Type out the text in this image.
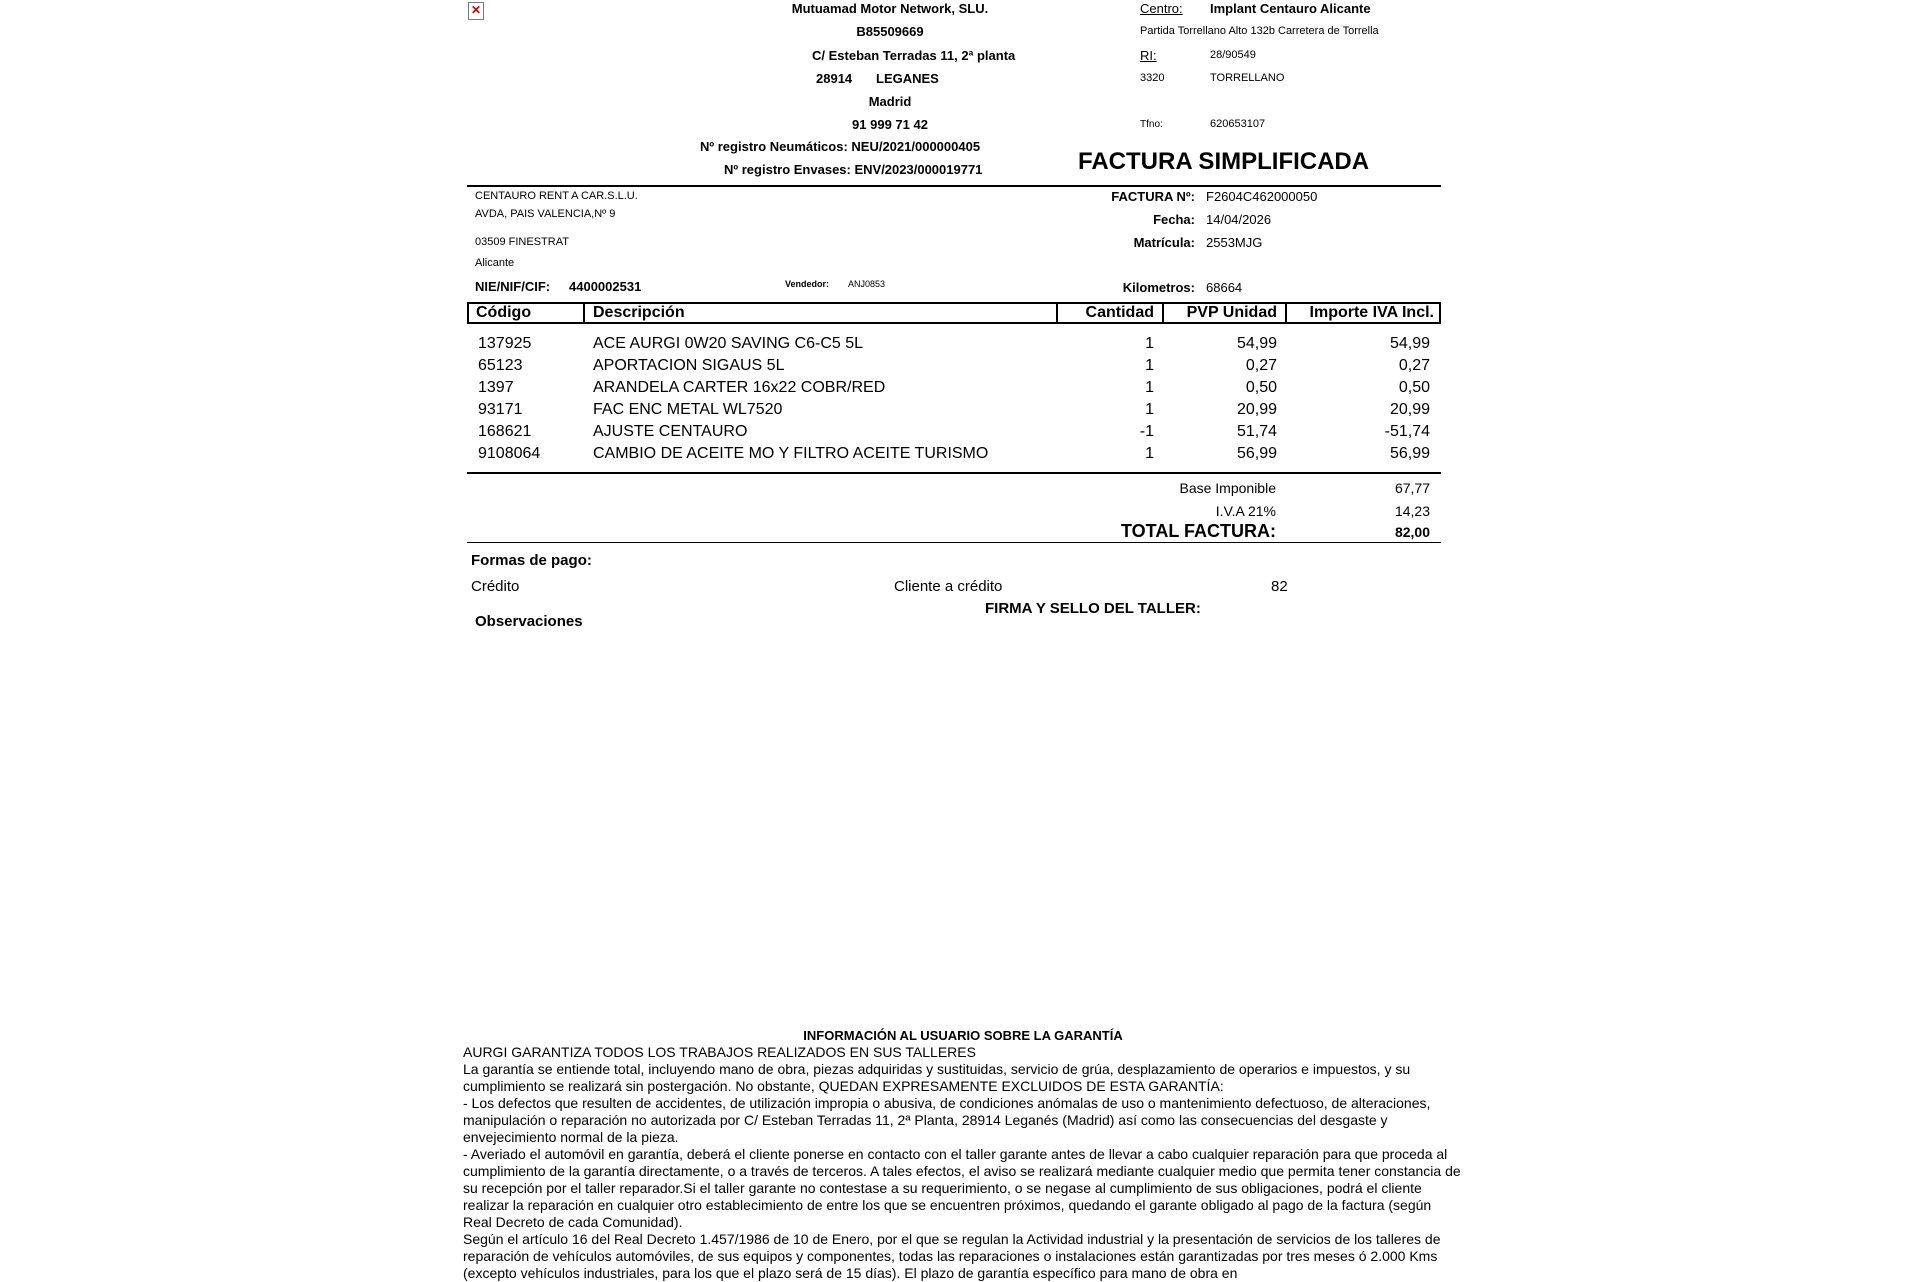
✕
Mutuamad Motor Network, SLU.
B85509669
C/ Esteban Terradas 11, 2ª planta
28914 LEGANES
Madrid
91 999 71 42
Nº registro Neumáticos: NEU/2021/000000405
Nº registro Envases: ENV/2023/000019771
Centro: Implant Centauro Alicante
Partida Torrellano Alto 132b Carretera de Torrella
RI:	28/90549
3320	TORRELLANO
Tfno:	620653107
FACTURA SIMPLIFICADA
CENTAURO RENT A CAR.S.L.U.
AVDA, PAIS VALENCIA,Nº 9
03509 FINESTRAT
Alicante
NIE/NIF/CIF: 4400002531	Vendedor: ANJ0853
FACTURA Nº: F2604C462000050
Fecha: 14/04/2026
Matrícula: 2553MJG
Kilometros: 68664
Código	Descripción	Cantidad	PVP Unidad	Importe IVA Incl.
137925	ACE AURGI 0W20 SAVING C6-C5 5L	1	54,99	54,99
65123	APORTACION SIGAUS 5L	1	0,27	0,27
1397	ARANDELA CARTER 16x22 COBR/RED	1	0,50	0,50
93171	FAC ENC METAL WL7520	1	20,99	20,99
168621	AJUSTE CENTAURO	-1	51,74	-51,74
9108064	CAMBIO DE ACEITE MO Y FILTRO ACEITE TURISMO	1	56,99	56,99
Base Imponible	67,77
I.V.A 21%	14,23
TOTAL FACTURA:	82,00
Formas de pago:
Crédito	Cliente a crédito	82
FIRMA Y SELLO DEL TALLER:
Observaciones
INFORMACIÓN AL USUARIO SOBRE LA GARANTÍA
AURGI GARANTIZA TODOS LOS TRABAJOS REALIZADOS EN SUS TALLERES
La garantía se entiende total, incluyendo mano de obra, piezas adquiridas y sustituidas, servicio de grúa, desplazamiento de operarios e impuestos, y su cumplimiento se realizará sin postergación. No obstante, QUEDAN EXPRESAMENTE EXCLUIDOS DE ESTA GARANTÍA:
- Los defectos que resulten de accidentes, de utilización impropia o abusiva, de condiciones anómalas de uso o mantenimiento defectuoso, de alteraciones, manipulación o reparación no autorizada por C/ Esteban Terradas 11, 2ª Planta, 28914 Leganés (Madrid) así como las consecuencias del desgaste y envejecimiento normal de la pieza.
- Averiado el automóvil en garantía, deberá el cliente ponerse en contacto con el taller garante antes de llevar a cabo cualquier reparación para que proceda al cumplimiento de la garantía directamente, o a través de terceros. A tales efectos, el aviso se realizará mediante cualquier medio que permita tener constancia de su recepción por el taller reparador.Si el taller garante no contestase a su requerimiento, o se negase al cumplimiento de sus obligaciones, podrá el cliente realizar la reparación en cualquier otro establecimiento de entre los que se encuentren próximos, quedando el garante obligado al pago de la factura (según Real Decreto de cada Comunidad).
Según el artículo 16 del Real Decreto 1.457/1986 de 10 de Enero, por el que se regulan la Actividad industrial y la presentación de servicios de los talleres de reparación de vehículos automóviles, de sus equipos y componentes, todas las reparaciones o instalaciones están garantizadas por tres meses ó 2.000 Kms (excepto vehículos industriales, para los que el plazo será de 15 días). El plazo de garantía específico para mano de obra en
